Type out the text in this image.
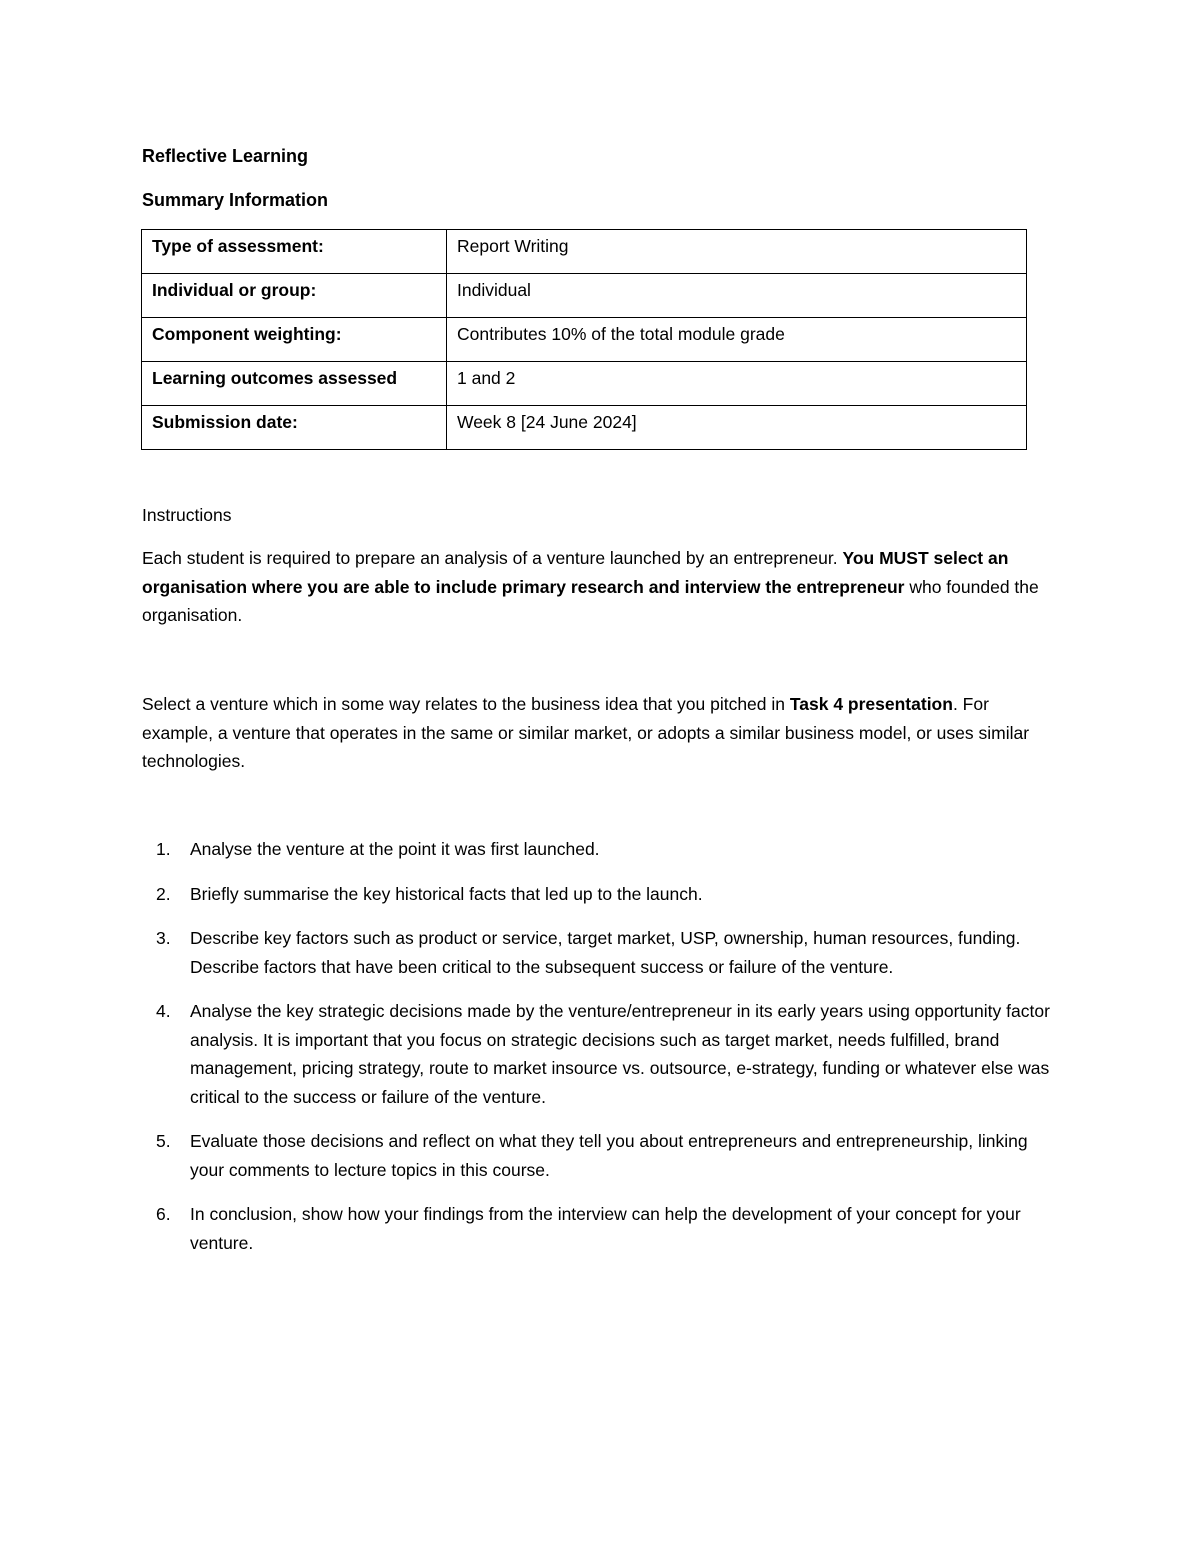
Reflective Learning
Summary Information
Type of assessment:	Report Writing
Individual or group:	Individual
Component weighting:	Contributes 10% of the total module grade
Learning outcomes assessed	1 and 2
Submission date:	Week 8 [24 June 2024]
Instructions
Each student is required to prepare an analysis of a venture launched by an entrepreneur. You MUST select an organisation where you are able to include primary research and interview the entrepreneur who founded the organisation.
Select a venture which in some way relates to the business idea that you pitched in Task 4 presentation. For example, a venture that operates in the same or similar market, or adopts a similar business model, or uses similar technologies.
1. Analyse the venture at the point it was first launched.
2. Briefly summarise the key historical facts that led up to the launch.
3. Describe key factors such as product or service, target market, USP, ownership, human resources, funding. Describe factors that have been critical to the subsequent success or failure of the venture.
4. Analyse the key strategic decisions made by the venture/entrepreneur in its early years using opportunity factor analysis. It is important that you focus on strategic decisions such as target market, needs fulfilled, brand management, pricing strategy, route to market insource vs. outsource, e-strategy, funding or whatever else was critical to the success or failure of the venture.
5. Evaluate those decisions and reflect on what they tell you about entrepreneurs and entrepreneurship, linking your comments to lecture topics in this course.
6. In conclusion, show how your findings from the interview can help the development of your concept for your venture.
